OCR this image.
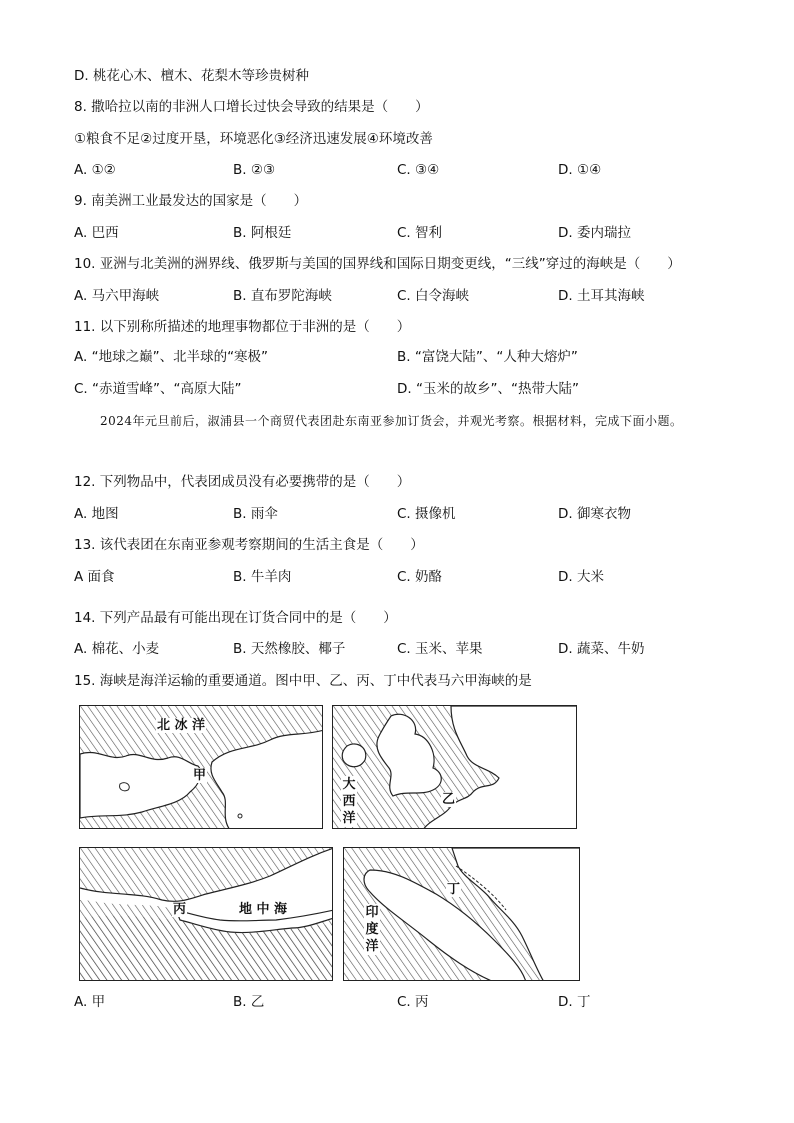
D. 桃花心木、檀木、花梨木等珍贵树种
8. 撒哈拉以南的非洲人口增长过快会导致的结果是（　　）
①粮食不足②过度开垦，环境恶化③经济迅速发展④环境改善
A. ①②	B. ②③	C. ③④	D. ①④
9. 南美洲工业最发达的国家是（　　）
A. 巴西	B. 阿根廷	C. 智利	D. 委内瑞拉
10. 亚洲与北美洲的洲界线、俄罗斯与美国的国界线和国际日期变更线，“三线”穿过的海峡是（　　）
A. 马六甲海峡	B. 直布罗陀海峡	C. 白令海峡	D. 土耳其海峡
11. 以下别称所描述的地理事物都位于非洲的是（　　）
A. “地球之巅”、北半球的“寒极”	B. “富饶大陆”、“人种大熔炉”
C. “赤道雪峰”、“高原大陆”	D. “玉米的故乡”、“热带大陆”
2024年元旦前后，淑浦县一个商贸代表团赴东南亚参加订货会，并观光考察。根据材料，完成下面小题。
12. 下列物品中，代表团成员没有必要携带的是（　　）
A. 地图	B. 雨伞	C. 摄像机	D. 御寒衣物
13. 该代表团在东南亚参观考察期间的生活主食是（　　）
A 面食	B. 牛羊肉	C. 奶酪	D. 大米
14. 下列产品最有可能出现在订货合同中的是（　　）
A. 棉花、小麦	B. 天然橡胶、椰子	C. 玉米、苹果	D. 蔬菜、牛奶
15. 海峡是海洋运输的重要通道。图中甲、乙、丙、丁中代表马六甲海峡的是
北 冰 洋
甲
大
西
洋
乙
丙	地 中 海	印
度
洋
丁
A. 甲	B. 乙	C. 丙	D. 丁
